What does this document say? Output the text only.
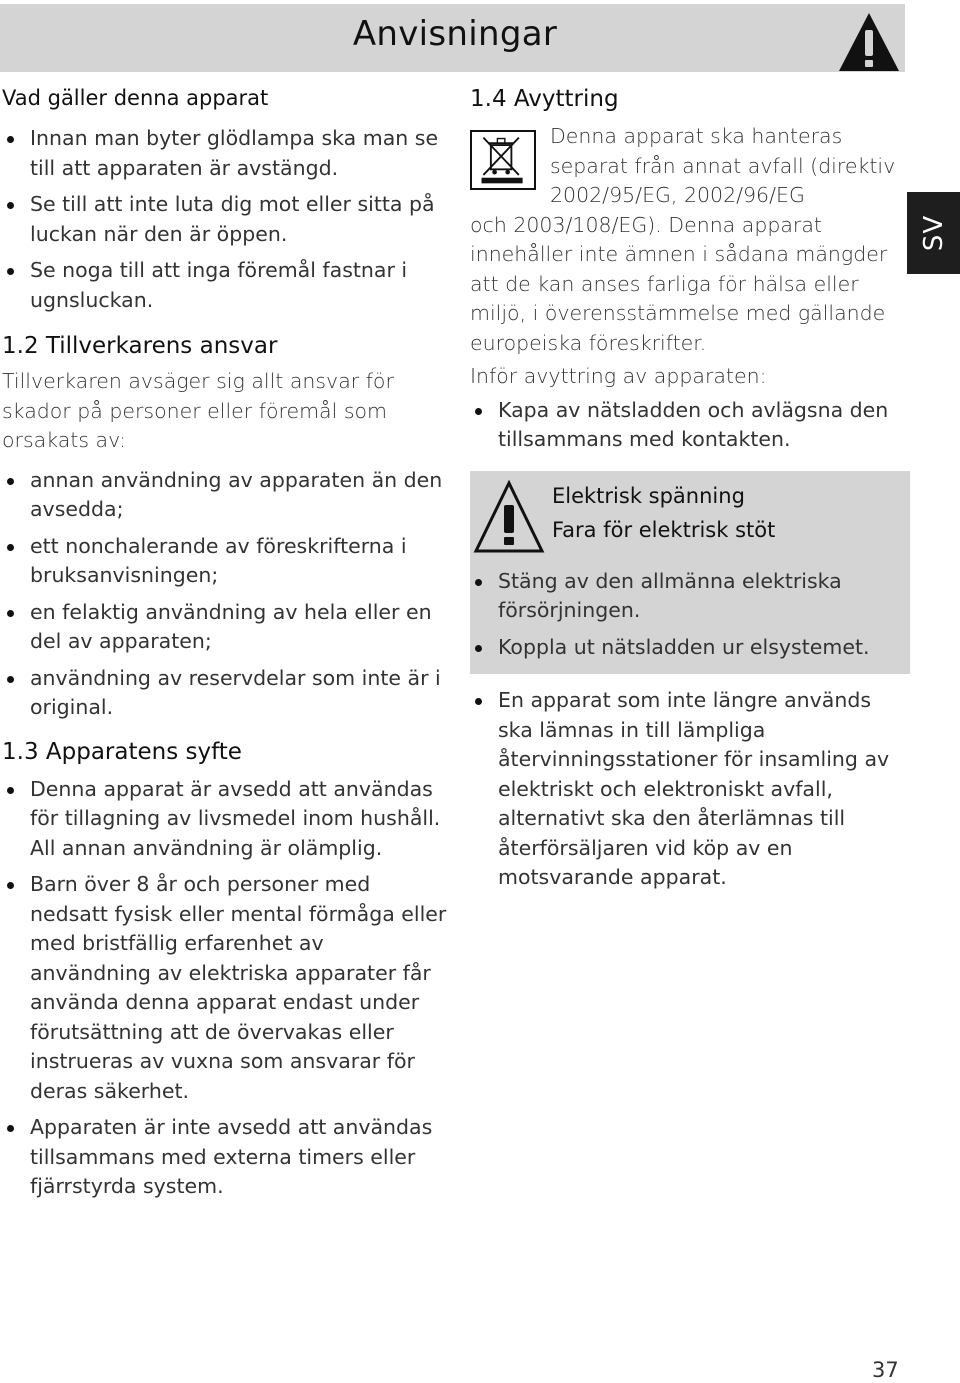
Anvisningar
SV
Vad gäller denna apparat
Innan man byter glödlampa ska man se till att apparaten är avstängd.
Se till att inte luta dig mot eller sitta på luckan när den är öppen.
Se noga till att inga föremål fastnar i ugnsluckan.
1.2 Tillverkarens ansvar

Tillverkaren avsäger sig allt ansvar för skador på personer eller föremål som orsakats av:

annan användning av apparaten än den avsedda;
ett nonchalerande av föreskrifterna i bruksanvisningen;
en felaktig användning av hela eller en del av apparaten;
användning av reservdelar som inte är i original.
1.3 Apparatens syfte
Denna apparat är avsedd att användas för tillagning av livsmedel inom hushåll. All annan användning är olämplig.
Barn över 8 år och personer med nedsatt fysisk eller mental förmåga eller med bristfällig erfarenhet av användning av elektriska apparater får använda denna apparat endast under förutsättning att de övervakas eller instrueras av vuxna som ansvarar för deras säkerhet.
Apparaten är inte avsedd att användas tillsammans med externa timers eller fjärrstyrda system.
1.4 Avyttring

Denna apparat ska hanteras

separat från annat avfall (direktiv

2002/95/EG, 2002/96/EG

och 2003/108/EG). Denna apparat innehåller inte ämnen i sådana mängder att de kan anses farliga för hälsa eller miljö, i överensstämmelse med gällande europeiska föreskrifter.

Inför avyttring av apparaten:

Kapa av nätsladden och avlägsna den tillsammans med kontakten.
Elektrisk spänning
Fara för elektrisk stöt
Stäng av den allmänna elektriska försörjningen.
Koppla ut nätsladden ur elsystemet.
En apparat som inte längre används ska lämnas in till lämpliga återvinningsstationer för insamling av elektriskt och elektroniskt avfall, alternativt ska den återlämnas till återförsäljaren vid köp av en motsvarande apparat.
37
